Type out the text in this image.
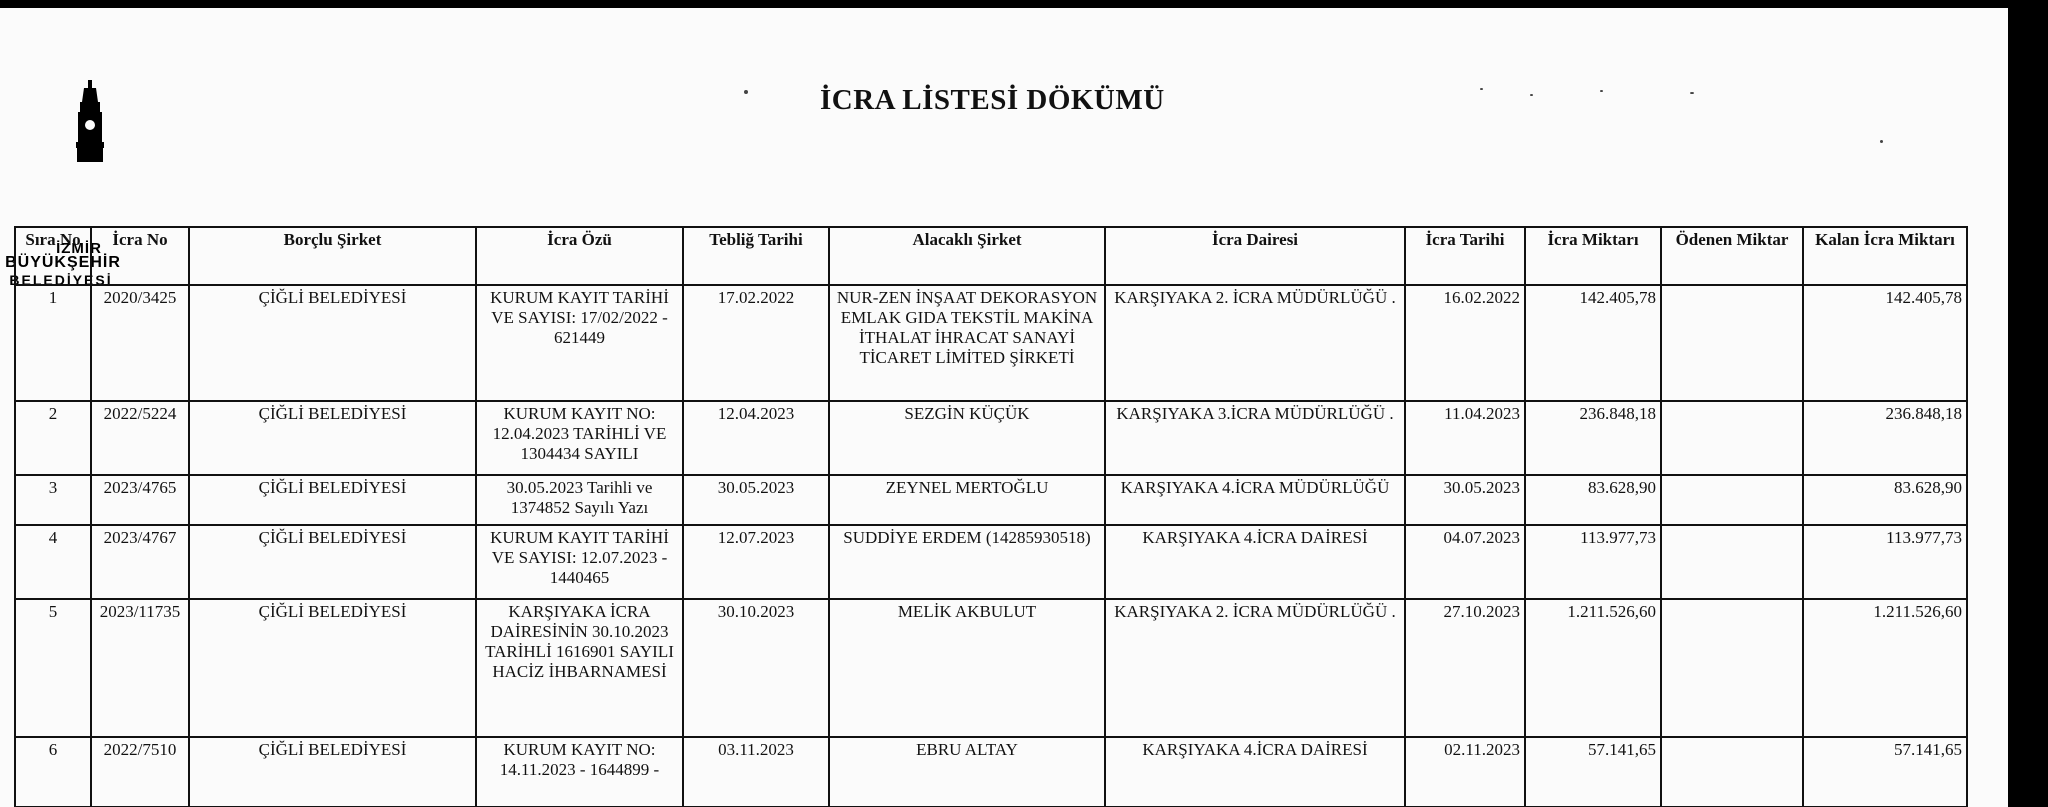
İZMİR
BÜYÜKŞEHİR
BELEDİYESİ
İCRA LİSTESİ DÖKÜMÜ
Sıra No	İcra No	Borçlu Şirket	İcra Özü	Tebliğ Tarihi	Alacaklı Şirket	İcra Dairesi	İcra Tarihi	İcra Miktarı	Ödenen Miktar	Kalan İcra Miktarı
1	2020/3425	ÇİĞLİ BELEDİYESİ	KURUM KAYIT TARİHİ VE SAYISI: 17/02/2022 - 621449	17.02.2022	NUR-ZEN İNŞAAT DEKORASYON EMLAK GIDA TEKSTİL MAKİNA İTHALAT İHRACAT SANAYİ TİCARET LİMİTED ŞİRKETİ	KARŞIYAKA 2. İCRA MÜDÜRLÜĞÜ .	16.02.2022	142.405,78		142.405,78
2	2022/5224	ÇİĞLİ BELEDİYESİ	KURUM KAYIT NO: 12.04.2023 TARİHLİ VE 1304434 SAYILI	12.04.2023	SEZGİN KÜÇÜK	KARŞIYAKA 3.İCRA MÜDÜRLÜĞÜ .	11.04.2023	236.848,18		236.848,18
3	2023/4765	ÇİĞLİ BELEDİYESİ	30.05.2023 Tarihli ve 1374852 Sayılı Yazı	30.05.2023	ZEYNEL MERTOĞLU	KARŞIYAKA 4.İCRA MÜDÜRLÜĞÜ	30.05.2023	83.628,90		83.628,90
4	2023/4767	ÇİĞLİ BELEDİYESİ	KURUM KAYIT TARİHİ VE SAYISI: 12.07.2023 - 1440465	12.07.2023	SUDDİYE ERDEM (14285930518)	KARŞIYAKA 4.İCRA DAİRESİ	04.07.2023	113.977,73		113.977,73
5	2023/11735	ÇİĞLİ BELEDİYESİ	KARŞIYAKA İCRA DAİRESİNİN 30.10.2023 TARİHLİ 1616901 SAYILI HACİZ İHBARNAMESİ	30.10.2023	MELİK AKBULUT	KARŞIYAKA 2. İCRA MÜDÜRLÜĞÜ .	27.10.2023	1.211.526,60		1.211.526,60
6	2022/7510	ÇİĞLİ BELEDİYESİ	KURUM KAYIT NO: 14.11.2023 - 1644899 -	03.11.2023	EBRU ALTAY	KARŞIYAKA 4.İCRA DAİRESİ	02.11.2023	57.141,65		57.141,65
